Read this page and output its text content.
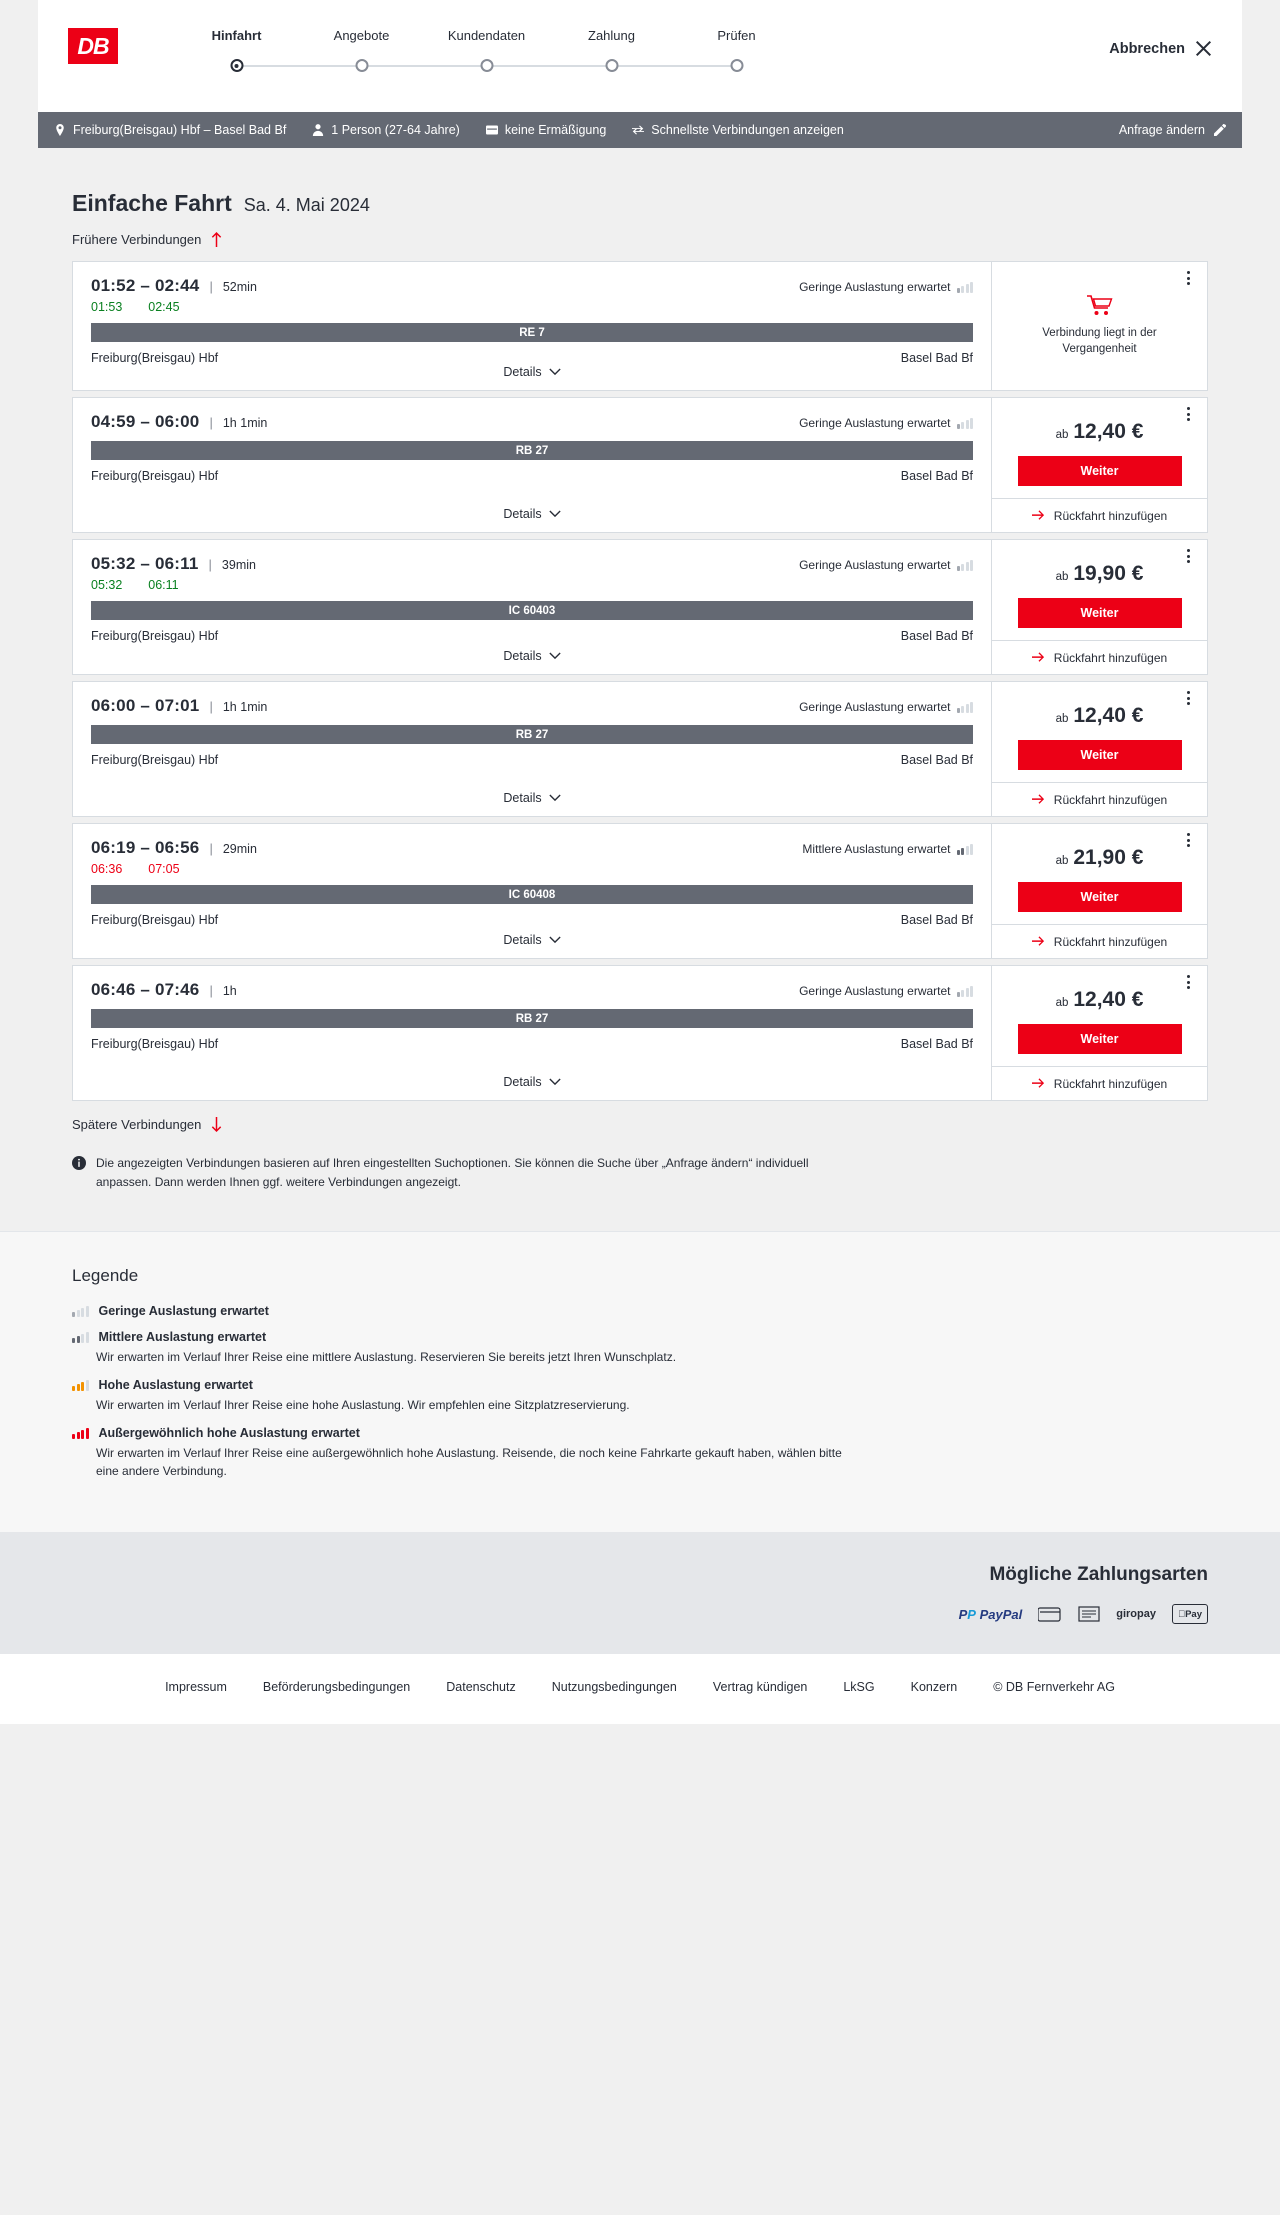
DB	Hinfahrt	Angebote	Kundendaten	Zahlung	Prüfen
Abbrechen
Freiburg(Breisgau) Hbf – Basel Bad Bf	1 Person (27-64 Jahre)	keine Ermäßigung	Schnellste Verbindungen anzeigen	Anfrage ändern
Einfache Fahrt Sa. 4. Mai 2024
Frühere Verbindungen
01:52 – 02:44 | 52min	Geringe Auslastung erwartet
01:53 02:45
RE 7
Freiburg(Breisgau) Hbf	Basel Bad Bf
Details
Verbindung liegt in der Vergangenheit
04:59 – 06:00 | 1h 1min	Geringe Auslastung erwartet
RB 27
Freiburg(Breisgau) Hbf	Basel Bad Bf
Details
ab 12,40 €
Weiter
Rückfahrt hinzufügen
05:32 – 06:11 | 39min	Geringe Auslastung erwartet
05:32 06:11
IC 60403
Freiburg(Breisgau) Hbf	Basel Bad Bf
Details
ab 19,90 €
Weiter
Rückfahrt hinzufügen
06:00 – 07:01 | 1h 1min	Geringe Auslastung erwartet
RB 27
Freiburg(Breisgau) Hbf	Basel Bad Bf
Details
ab 12,40 €
Weiter
Rückfahrt hinzufügen
06:19 – 06:56 | 29min	Mittlere Auslastung erwartet
06:36 07:05
IC 60408
Freiburg(Breisgau) Hbf	Basel Bad Bf
Details
ab 21,90 €
Weiter
Rückfahrt hinzufügen
06:46 – 07:46 | 1h	Geringe Auslastung erwartet
RB 27
Freiburg(Breisgau) Hbf	Basel Bad Bf
Details
ab 12,40 €
Weiter
Rückfahrt hinzufügen
Spätere Verbindungen
Die angezeigten Verbindungen basieren auf Ihren eingestellten Suchoptionen. Sie können die Suche über „Anfrage ändern“ individuell anpassen. Dann werden Ihnen ggf. weitere Verbindungen angezeigt.
Legende
Geringe Auslastung erwartet
Mittlere Auslastung erwartet
Wir erwarten im Verlauf Ihrer Reise eine mittlere Auslastung. Reservieren Sie bereits jetzt Ihren Wunschplatz.
Hohe Auslastung erwartet
Wir erwarten im Verlauf Ihrer Reise eine hohe Auslastung. Wir empfehlen eine Sitzplatzreservierung.
Außergewöhnlich hohe Auslastung erwartet
Wir erwarten im Verlauf Ihrer Reise eine außergewöhnlich hohe Auslastung. Reisende, die noch keine Fahrkarte gekauft haben, wählen bitte eine andere Verbindung.
Mögliche Zahlungsarten
P P PayPal	giropay	Pay
Impressum	Beförderungsbedingungen	Datenschutz	Nutzungsbedingungen	Vertrag kündigen	LkSG	Konzern	© DB Fernverkehr AG
